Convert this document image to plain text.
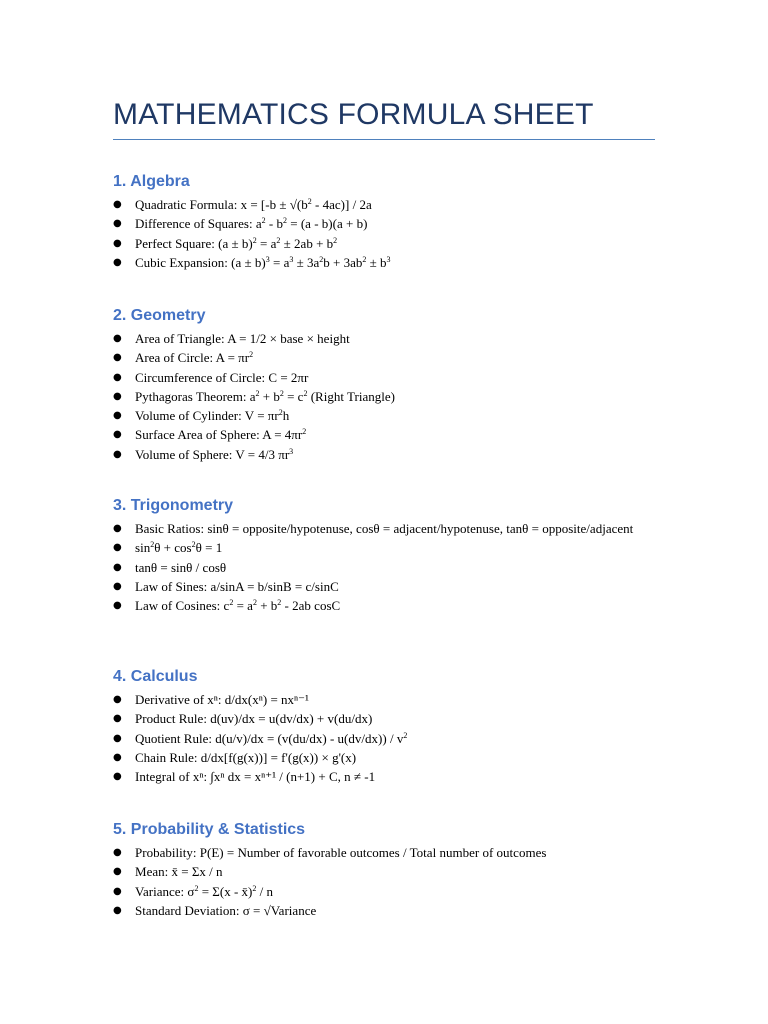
MATHEMATICS FORMULA SHEET
1. Algebra
● Quadratic Formula: $x = [-b \pm √(b^2 - 4ac)] / 2a$
● Difference of Squares: $a^2 - b^2 = (a - b)(a + b)$
● Perfect Square: $(a \pm b)^2 = a^2 \pm 2ab + b^2$
● Cubic Expansion: $(a \pm b)^3 = a^3 \pm 3a^2b + 3ab^2 \pm b^3$
2. Geometry
● Area of Triangle: A = 1/2 × base × height
● Area of Circle: $A = \pi r^2$
● Circumference of Circle: C = 2πr
● Pythagoras Theorem: $a^2 + b^2 = c^2$ (Right Triangle)
● Volume of Cylinder: $V = \pi r^2h$
● Surface Area of Sphere: $A = 4\pi r^2$
● Volume of Sphere: V = 4/3 $\pi r^3$
3. Trigonometry
● Basic Ratios: sinθ = opposite/hypotenuse, cosθ = adjacent/hypotenuse, tanθ = opposite/adjacent
● $\sin^2\theta + \cos^2\theta = 1$
● tanθ = sinθ / cosθ
● Law of Sines: a/sinA = b/sinB = c/sinC
● Law of Cosines: $c^2 = a^2 + b^2 - 2ab$ cosC
4. Calculus
● Derivative of xⁿ: d/dx(xⁿ) = nxⁿ⁻¹
● Product Rule: d(uv)/dx = u(dv/dx) + v(du/dx)
● Quotient Rule: $d(u/v)/dx = (v(du/dx) - u(dv/dx)) / v^2$
● Chain Rule: d/dx[f(g(x))] = f'(g(x)) × g'(x)
● Integral of xⁿ: ∫xⁿ dx = xⁿ⁺¹ / (n+1) + C, n ≠ -1
5. Probability & Statistics
● Probability: P(E) = Number of favorable outcomes / Total number of outcomes
● Mean: x = Σx / n
● Variance: $\sigma^2 = \Sigma(x - x)^2 / n$
● Standard Deviation: σ = √Variance
